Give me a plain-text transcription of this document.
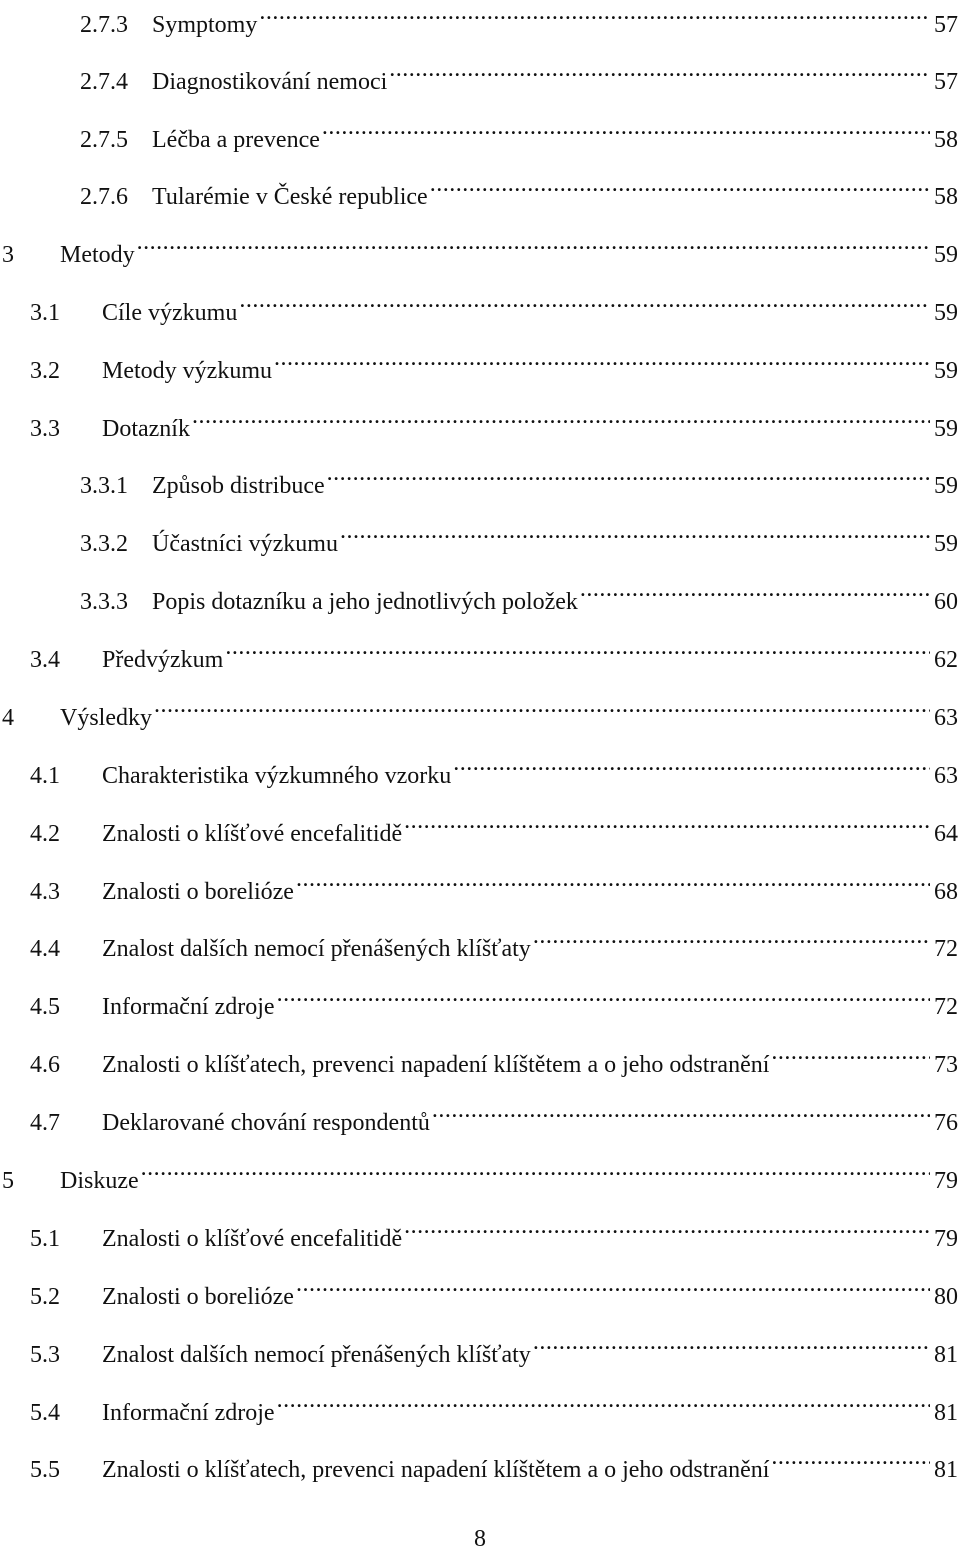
2.7.3	Symptomy .....	57
2.7.4	Diagnostikování nemoci .....	57
2.7.5	Léčba a prevence .....	58
2.7.6	Tularémie v České republice .....	58
3	Metody .....	59
3.1	Cíle výzkumu .....	59
3.2	Metody výzkumu .....	59
3.3	Dotazník .....	59
3.3.1	Způsob distribuce .....	59
3.3.2	Účastníci výzkumu .....	59
3.3.3	Popis dotazníku a jeho jednotlivých položek .....	60
3.4	Předvýzkum .....	62
4	Výsledky .....	63
4.1	Charakteristika výzkumného vzorku .....	63
4.2	Znalosti o klíšťové encefalitidě .....	64
4.3	Znalosti o borelióze .....	68
4.4	Znalost dalších nemocí přenášených klíšťaty .....	72
4.5	Informační zdroje .....	72
4.6	Znalosti o klíšťatech, prevenci napadení klíštětem a o jeho odstranění .....	73
4.7	Deklarované chování respondentů .....	76
5	Diskuze .....	79
5.1	Znalosti o klíšťové encefalitidě .....	79
5.2	Znalosti o borelióze .....	80
5.3	Znalost dalších nemocí přenášených klíšťaty .....	81
5.4	Informační zdroje .....	81
5.5	Znalosti o klíšťatech, prevenci napadení klíštětem a o jeho odstranění .....	81
8
